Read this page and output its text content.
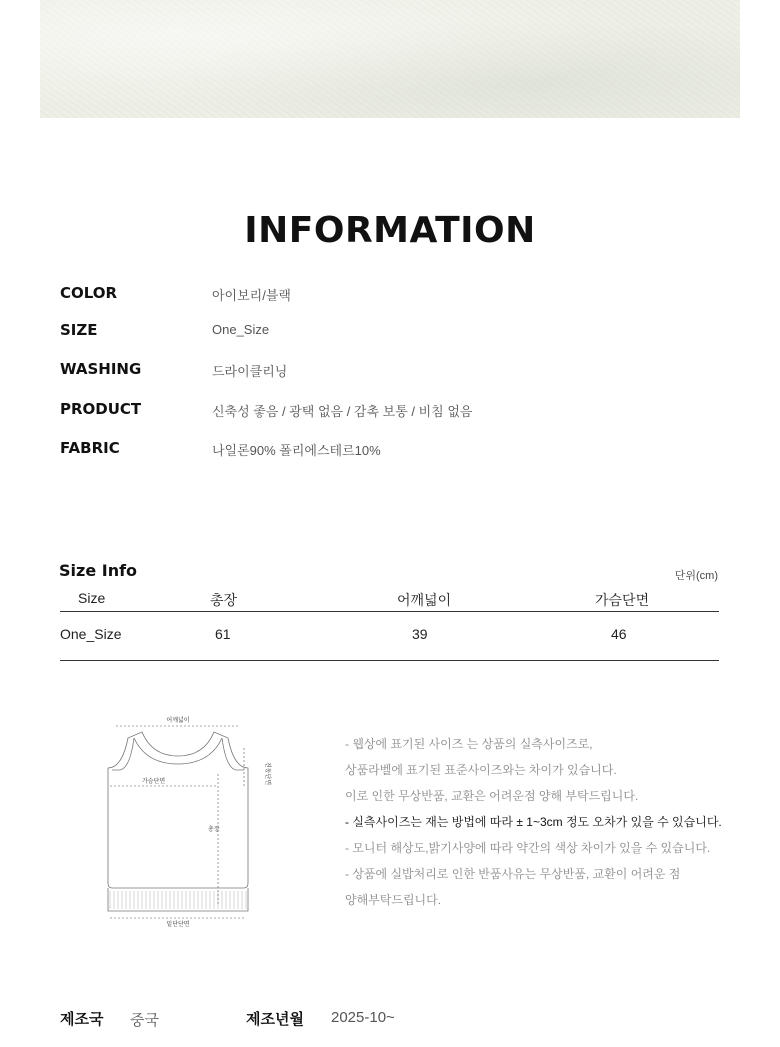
INFORMATION
COLOR	아이보리/블랙
SIZE	One_Size
WASHING	드라이클리닝
PRODUCT	신축성 좋음 / 광택 없음 / 감촉 보통 / 비침 없음
FABRIC	나일론90% 폴리에스테르10%
Size Info	단위(cm)
Size	총장	어깨넓이	가슴단면
One_Size	61	39	46
어깨넓이
가슴단면
총장
진동단면
밑단단면
- 웹상에 표기된 사이즈 는 상품의 실측사이즈로,
상품라벨에 표기된 표준사이즈와는 차이가 있습니다.
이로 인한 무상반품, 교환은 어려운점 양해 부탁드립니다.
- 실측사이즈는 재는 방법에 따라 ± 1~3cm 정도 오차가 있을 수 있습니다.
- 모니터 해상도,밝기사양에 따라 약간의 색상 차이가 있을 수 있습니다.
- 상품에 실밥처리로 인한 반품사유는 무상반품, 교환이 어려운 점
양해부탁드립니다.
제조국 중국	제조년월 2025-10~
